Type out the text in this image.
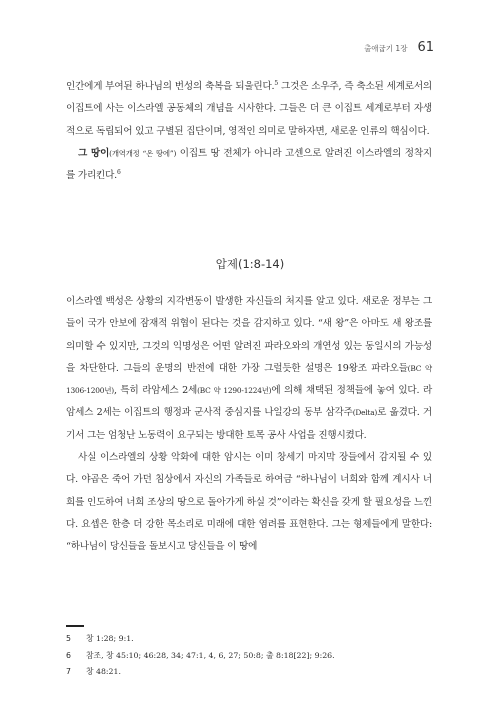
출애굽기 1장 61

인간에게 부여된 하나님의 번성의 축복을 되울린다.$^5$ 그것은 소우주, 즉 축소된 세계로서의 이집트에 사는 이스라엘 공동체의 개념을 시사한다. 그들은 더 큰 이집트 세계로부터 자생적으로 독립되어 있고 구별된 집단이며, 영적인 의미로 말하자면, 새로운 인류의 핵심이다.

그 땅이(개역개정 “온 땅에”) 이집트 땅 전체가 아니라 고센으로 알려진 이스라엘의 정착지를 가리킨다.$^6$

압제(1:8-14)

이스라엘 백성은 상황의 지각변동이 발생한 자신들의 처지를 알고 있다. 새로운 정부는 그들이 국가 안보에 잠재적 위협이 된다는 것을 감지하고 있다. “새 왕”은 아마도 새 왕조를 의미할 수 있지만, 그것의 익명성은 어떤 알려진 파라오와의 개연성 있는 동일시의 가능성을 차단한다. 그들의 운명의 반전에 대한 가장 그럴듯한 설명은 19왕조 파라오들(BC 약 1306-1200년), 특히 라암세스 2세(BC 약 1290-1224년)에 의해 채택된 정책들에 놓여 있다. 라암세스 2세는 이집트의 행정과 군사적 중심지를 나일강의 동부 삼각주(Delta)로 옮겼다. 거기서 그는 엄청난 노동력이 요구되는 방대한 토목 공사 사업을 진행시켰다.

사실 이스라엘의 상황 악화에 대한 암시는 이미 창세기 마지막 장들에서 감지될 수 있다. 야곱은 죽어 가던 침상에서 자신의 가족들로 하여금 “하나님이 너희와 함께 계시사 너희를 인도하여 너희 조상의 땅으로 돌아가게 하실 것”이라는 확신을 갖게 할 필요성을 느낀다. 요셉은 한층 더 강한 목소리로 미래에 대한 염려를 표현한다. 그는 형제들에게 말한다: “하나님이 당신들을 돌보시고 당신들을 이 땅에

5	창 1:28; 9:1.
6	참조, 창 45:10; 46:28, 34; 47:1, 4, 6, 27; 50:8; 출 8:18[22]; 9:26.
7	창 48:21.
